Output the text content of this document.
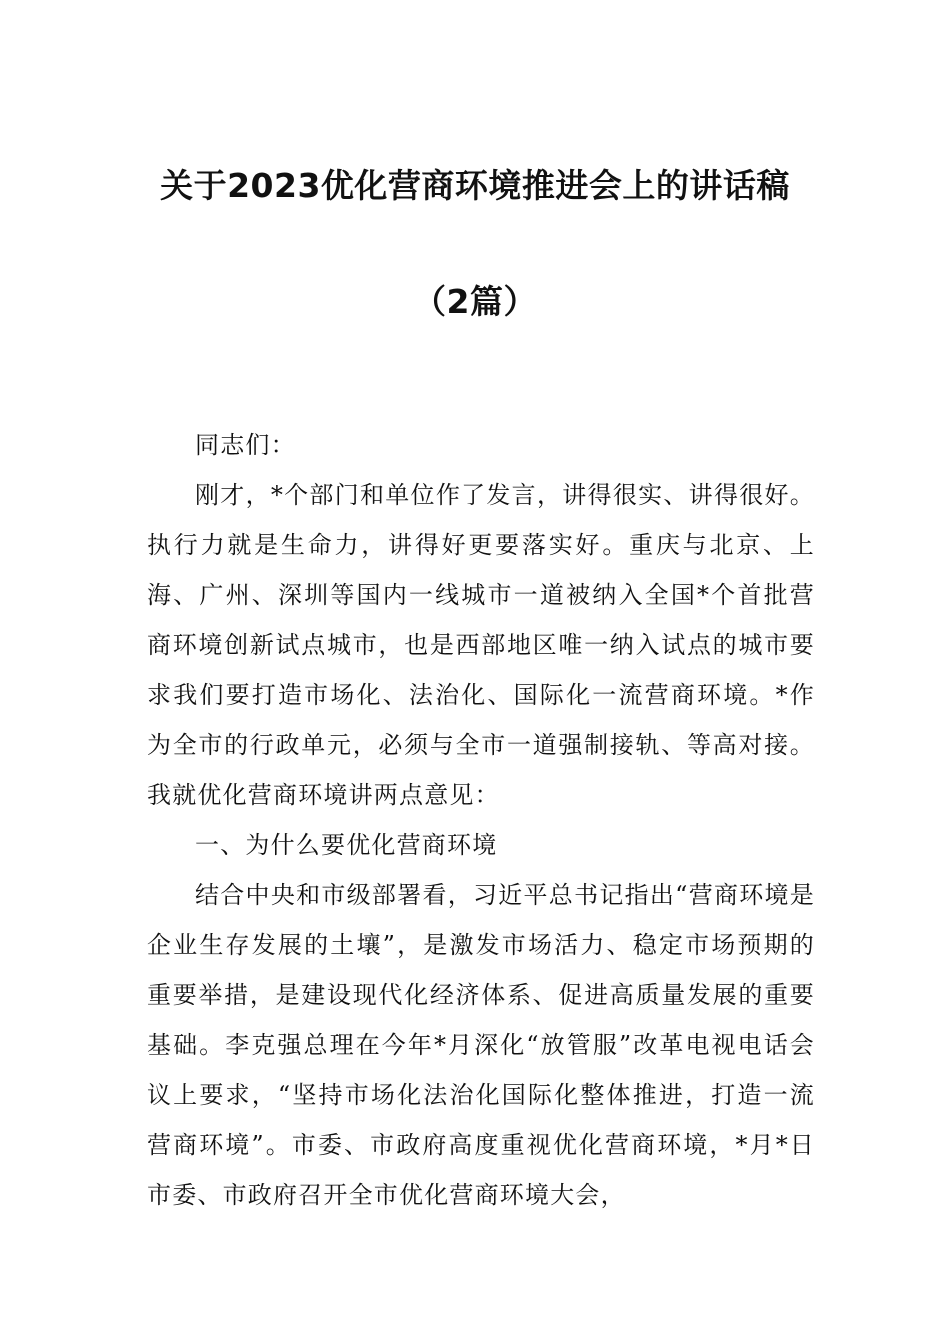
关于2023优化营商环境推进会上的讲话稿
（2篇）

同志们：

刚才，*个部门和单位作了发言，讲得很实、讲得很好。执行力就是生命力，讲得好更要落实好。重庆与北京、上海、广州、深圳等国内一线城市一道被纳入全国*个首批营商环境创新试点城市，也是西部地区唯一纳入试点的城市要求我们要打造市场化、法治化、国际化一流营商环境。*作为全市的行政单元，必须与全市一道强制接轨、等高对接。我就优化营商环境讲两点意见：

一、为什么要优化营商环境

结合中央和市级部署看，习近平总书记指出“营商环境是企业生存发展的土壤”，是激发市场活力、稳定市场预期的重要举措，是建设现代化经济体系、促进高质量发展的重要基础。李克强总理在今年*月深化“放管服”改革电视电话会议上要求，“坚持市场化法治化国际化整体推进，打造一流营商环境”。市委、市政府高度重视优化营商环境，*月*日市委、市政府召开全市优化营商环境大会，
